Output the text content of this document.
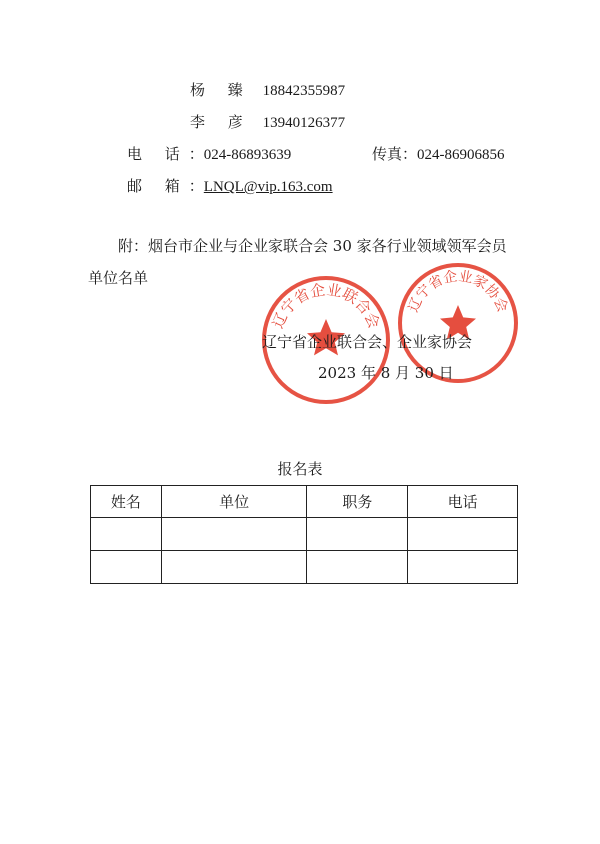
杨 臻 18842355987
李 彦 13940126377
电 话：024-86893639	传真：024-86906856
邮 箱：LNQL@vip.163.com
附：烟台市企业与企业家联合会 30 家各行业领域领军会员单位名单
辽宁省企业联合会
辽宁省企业家协会
辽宁省企业联合会、企业家协会
2023 年 8 月 30 日
报名表
姓名	单位	职务	电话
